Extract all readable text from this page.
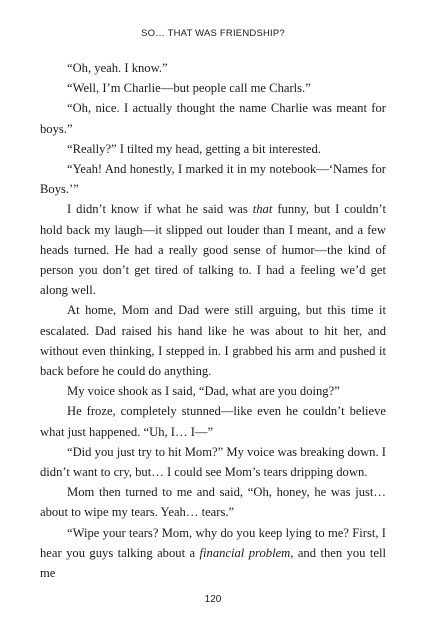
SO… THAT WAS FRIENDSHIP?

“Oh, yeah. I know.”

“Well, I’m Charlie—but people call me Charls.”

“Oh, nice. I actually thought the name Charlie was meant for boys.”

“Really?” I tilted my head, getting a bit interested.

“Yeah! And honestly, I marked it in my notebook—‘Names for Boys.’”

I didn’t know if what he said was that funny, but I couldn’t hold back my laugh—it slipped out louder than I meant, and a few heads turned. He had a really good sense of humor—the kind of person you don’t get tired of talking to. I had a feeling we’d get along well.

At home, Mom and Dad were still arguing, but this time it escalated. Dad raised his hand like he was about to hit her, and without even thinking, I stepped in. I grabbed his arm and pushed it back before he could do anything.

My voice shook as I said, “Dad, what are you doing?”

He froze, completely stunned—like even he couldn’t believe what just happened. “Uh, I… I—”

“Did you just try to hit Mom?” My voice was breaking down. I didn’t want to cry, but… I could see Mom’s tears dripping down.

Mom then turned to me and said, “Oh, honey, he was just… about to wipe my tears. Yeah… tears.”

“Wipe your tears? Mom, why do you keep lying to me? First, I hear you guys talking about a financial problem, and then you tell me

120
